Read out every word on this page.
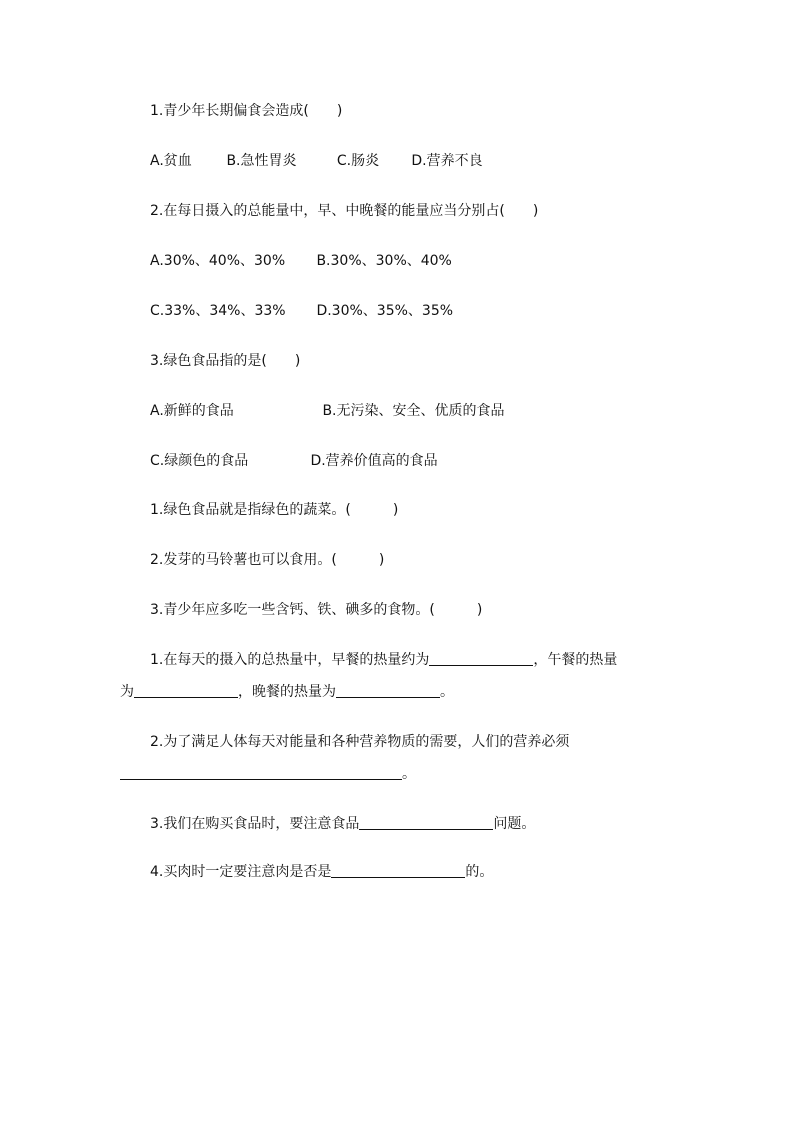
1.青少年长期偏食会造成(　　)
A.贫血 B.急性胃炎	C.肠炎 D.营养不良
2.在每日摄入的总能量中，早、中晚餐的能量应当分别占(　　)
A.30%、40%、30% B.30%、30%、40%
C.33%、34%、33% D.30%、35%、35%
3.绿色食品指的是(　　)
A.新鲜的食品	B.无污染、安全、优质的食品
C.绿颜色的食品	D.营养价值高的食品
1.绿色食品就是指绿色的蔬菜。(　　　)
2.发芽的马铃薯也可以食用。(　　　)
3.青少年应多吃一些含钙、铁、碘多的食物。(　　　)
1.在每天的摄入的总热量中，早餐的热量约为	，午餐的热量
为	，晚餐的热量为	。
2.为了满足人体每天对能量和各种营养物质的需要，人们的营养必须
。
3.我们在购买食品时，要注意食品	问题。
4.买肉时一定要注意肉是否是	的。
